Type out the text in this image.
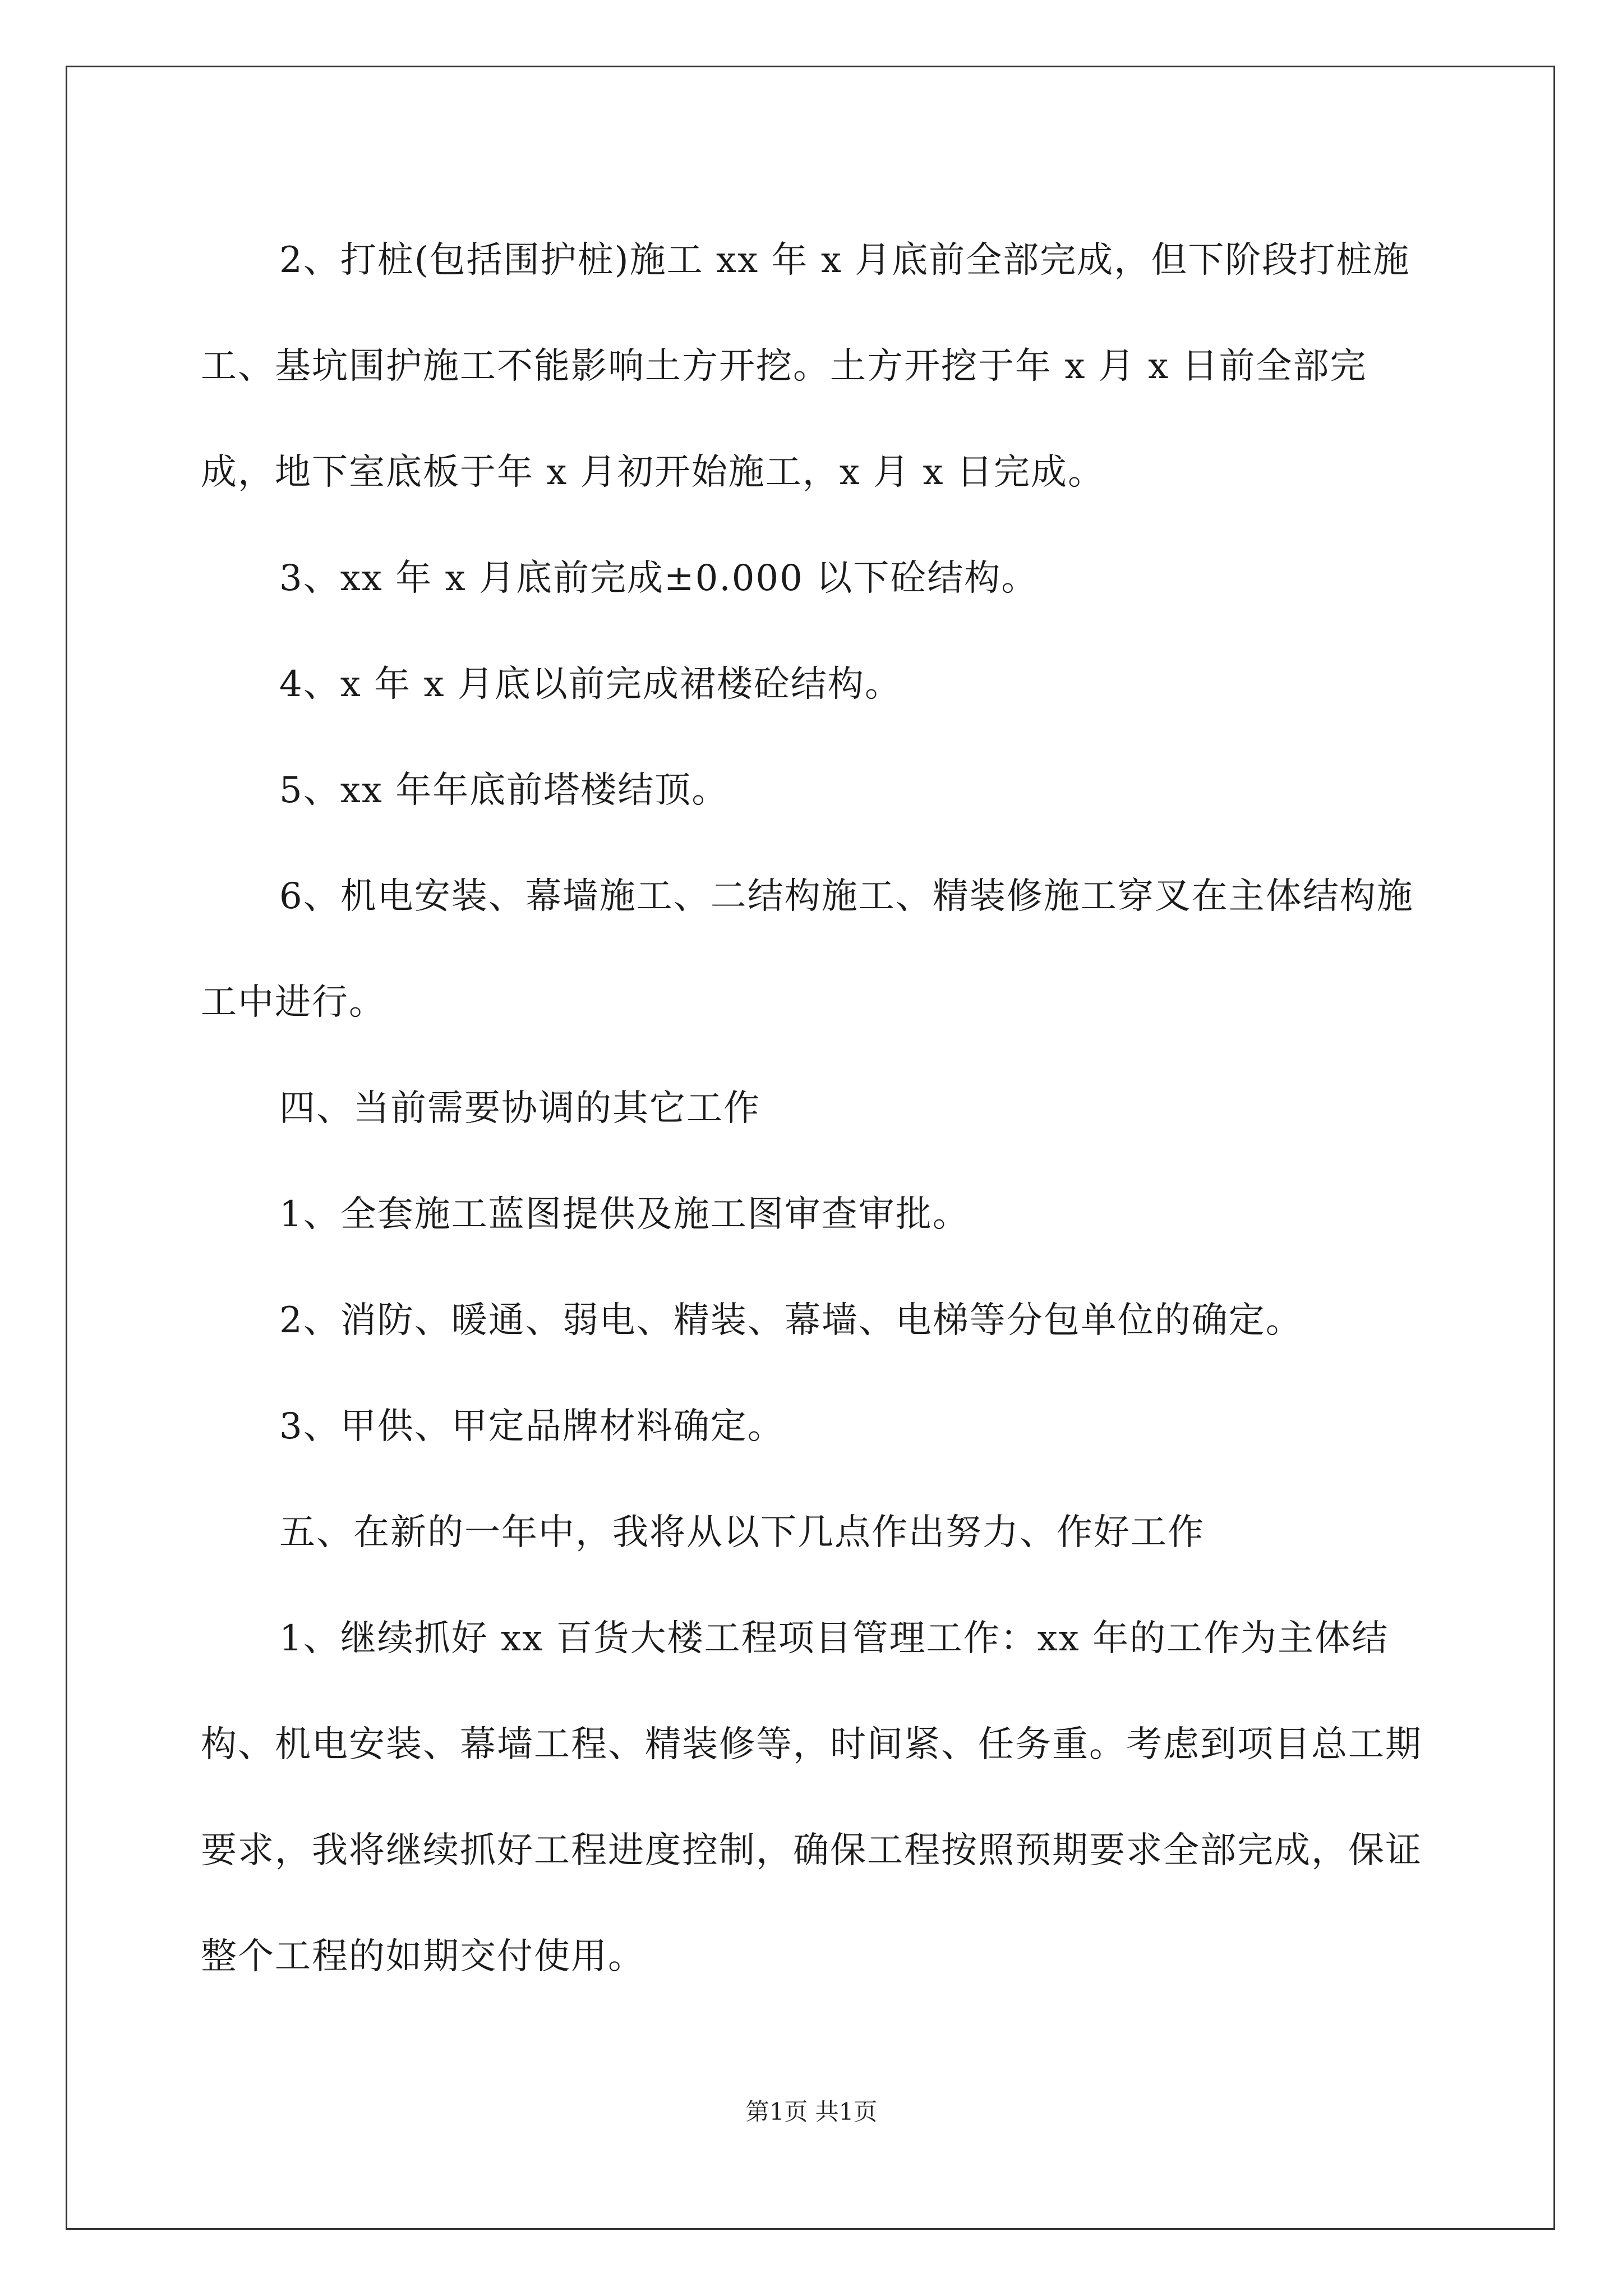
2、打桩(包括围护桩)施工 xx 年 x 月底前全部完成，但下阶段打桩施工、基坑围护施工不能影响土方开挖。土方开挖于年 x 月 x 日前全部完成，地下室底板于年 x 月初开始施工，x 月 x 日完成。

3、xx 年 x 月底前完成±0.000 以下砼结构。

4、x 年 x 月底以前完成裙楼砼结构。

5、xx 年年底前塔楼结顶。

6、机电安装、幕墙施工、二结构施工、精装修施工穿叉在主体结构施工中进行。

四、当前需要协调的其它工作

1、全套施工蓝图提供及施工图审查审批。

2、消防、暖通、弱电、精装、幕墙、电梯等分包单位的确定。

3、甲供、甲定品牌材料确定。

五、在新的一年中，我将从以下几点作出努力、作好工作

1、继续抓好 xx 百货大楼工程项目管理工作：xx 年的工作为主体结构、机电安装、幕墙工程、精装修等，时间紧、任务重。考虑到项目总工期要求，我将继续抓好工程进度控制，确保工程按照预期要求全部完成，保证整个工程的如期交付使用。

第1页 共1页
